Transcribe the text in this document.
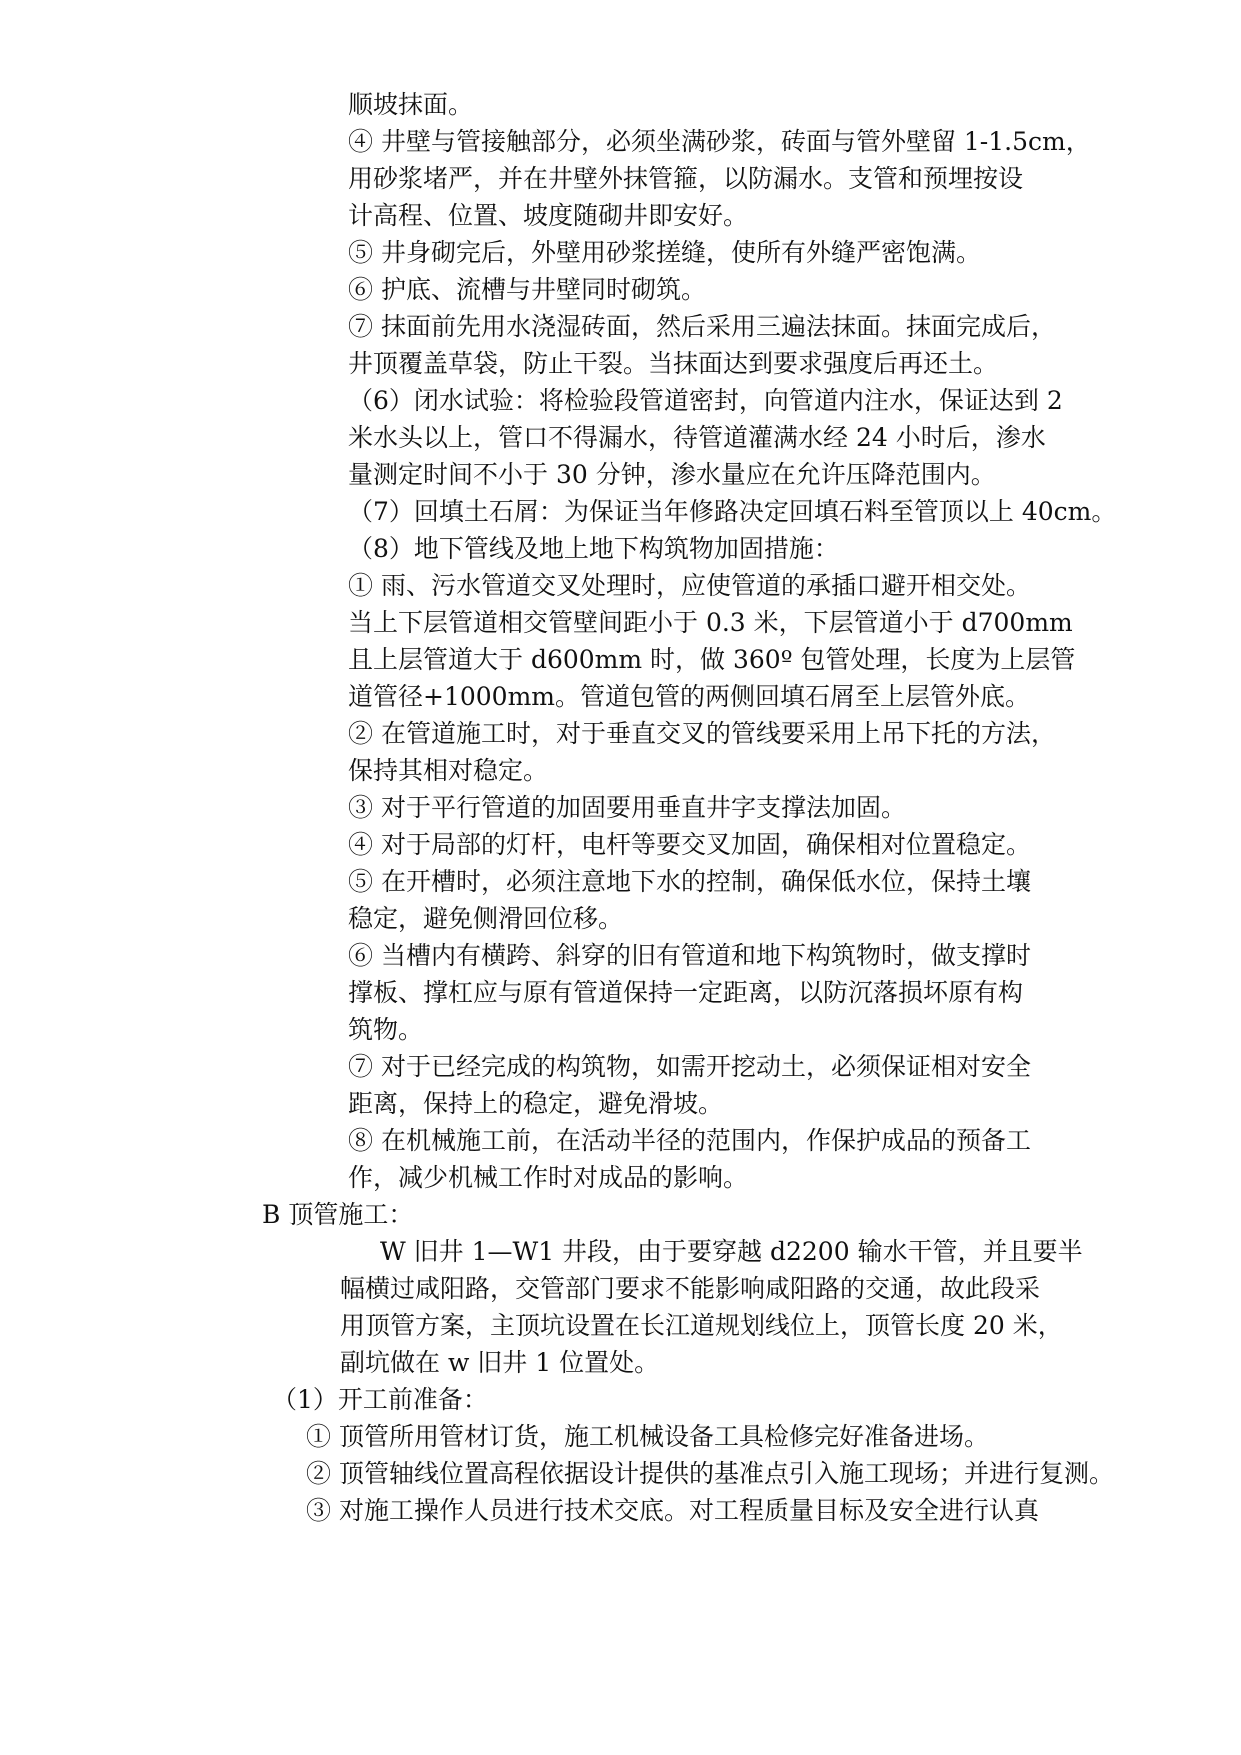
顺坡抹面。
④ 井壁与管接触部分，必须坐满砂浆，砖面与管外壁留 1-1.5cm，
用砂浆堵严，并在井壁外抹管箍，以防漏水。支管和预埋按设
计高程、位置、坡度随砌井即安好。
⑤ 井身砌完后，外壁用砂浆搓缝，使所有外缝严密饱满。
⑥ 护底、流槽与井壁同时砌筑。
⑦ 抹面前先用水浇湿砖面，然后采用三遍法抹面。抹面完成后，
井顶覆盖草袋，防止干裂。当抹面达到要求强度后再还土。
（6）闭水试验：将检验段管道密封，向管道内注水，保证达到 2
米水头以上，管口不得漏水，待管道灌满水经 24 小时后，渗水
量测定时间不小于 30 分钟，渗水量应在允许压降范围内。
（7）回填土石屑：为保证当年修路决定回填石料至管顶以上 40cm。
（8）地下管线及地上地下构筑物加固措施：
① 雨、污水管道交叉处理时，应使管道的承插口避开相交处。
当上下层管道相交管壁间距小于 0.3 米，下层管道小于 d700mm
且上层管道大于 d600mm 时，做 360º 包管处理，长度为上层管
道管径+1000mm。管道包管的两侧回填石屑至上层管外底。
② 在管道施工时，对于垂直交叉的管线要采用上吊下托的方法，
保持其相对稳定。
③ 对于平行管道的加固要用垂直井字支撑法加固。
④ 对于局部的灯杆，电杆等要交叉加固，确保相对位置稳定。
⑤ 在开槽时，必须注意地下水的控制，确保低水位，保持土壤
稳定，避免侧滑回位移。
⑥ 当槽内有横跨、斜穿的旧有管道和地下构筑物时，做支撑时
撑板、撑杠应与原有管道保持一定距离，以防沉落损坏原有构
筑物。
⑦ 对于已经完成的构筑物，如需开挖动土，必须保证相对安全
距离，保持上的稳定，避免滑坡。
⑧ 在机械施工前，在活动半径的范围内，作保护成品的预备工
作，减少机械工作时对成品的影响。
B 顶管施工：
W 旧井 1—W1 井段，由于要穿越 d2200 输水干管，并且要半
幅横过咸阳路，交管部门要求不能影响咸阳路的交通，故此段采
用顶管方案，主顶坑设置在长江道规划线位上，顶管长度 20 米，
副坑做在 w 旧井 1 位置处。
（1）开工前准备：
① 顶管所用管材订货，施工机械设备工具检修完好准备进场。
② 顶管轴线位置高程依据设计提供的基准点引入施工现场；并进行复测。
③ 对施工操作人员进行技术交底。对工程质量目标及安全进行认真
